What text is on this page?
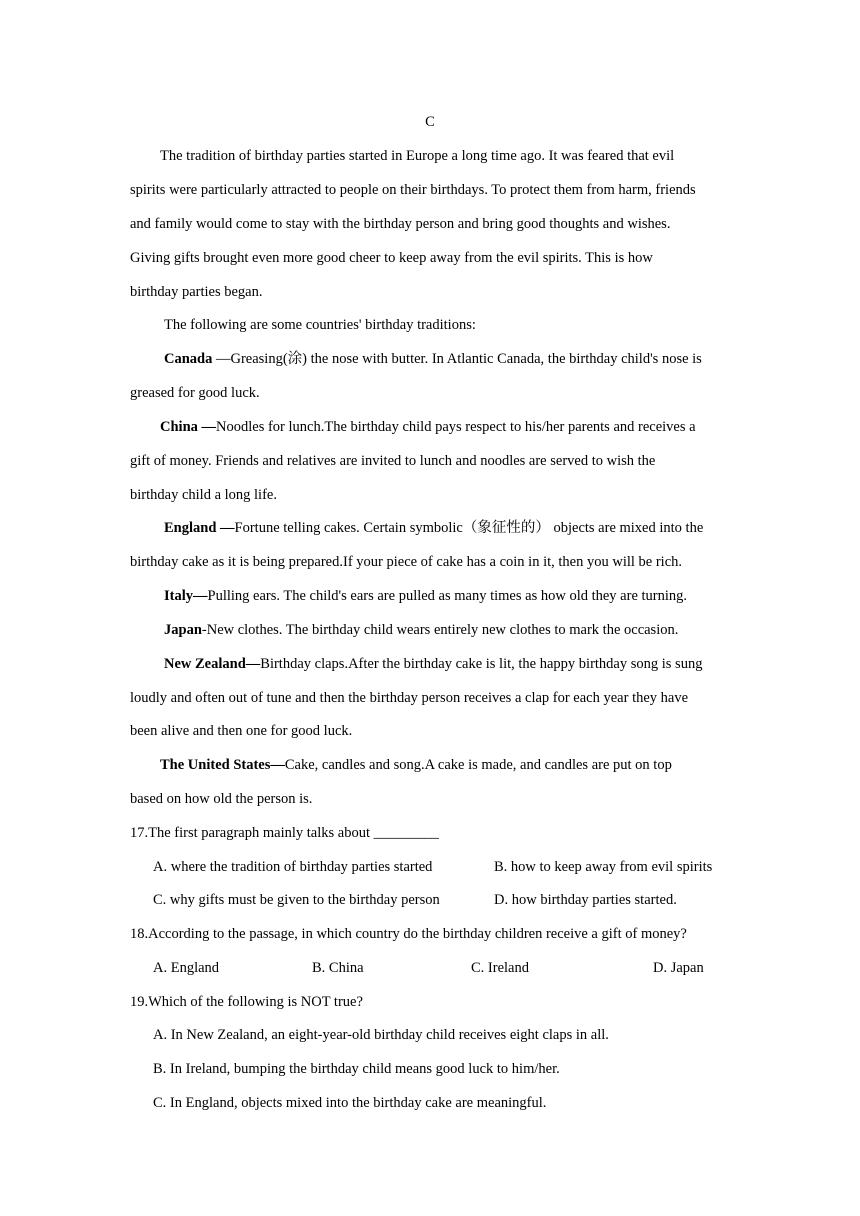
C
The tradition of birthday parties started in Europe a long time ago. It was feared that evil
spirits were particularly attracted to people on their birthdays. To protect them from harm, friends
and family would come to stay with the birthday person and bring good thoughts and wishes.
Giving gifts brought even more good cheer to keep away from the evil spirits. This is how
birthday parties began.
The following are some countries' birthday traditions:
Canada —Greasing(涂) the nose with butter. In Atlantic Canada, the birthday child's nose is
greased for good luck.
China —Noodles for lunch.The birthday child pays respect to his/her parents and receives a
gift of money. Friends and relatives are invited to lunch and noodles are served to wish the
birthday child a long life.
England —Fortune telling cakes. Certain symbolic（象征性的） objects are mixed into the
birthday cake as it is being prepared.If your piece of cake has a coin in it, then you will be rich.
Italy—Pulling ears. The child's ears are pulled as many times as how old they are turning.
Japan-New clothes. The birthday child wears entirely new clothes to mark the occasion.
New Zealand—Birthday claps.After the birthday cake is lit, the happy birthday song is sung
loudly and often out of tune and then the birthday person receives a clap for each year they have
been alive and then one for good luck.
The United States—Cake, candles and song.A cake is made, and candles are put on top
based on how old the person is.
17.The first paragraph mainly talks about _________
A. where the tradition of birthday parties started	B. how to keep away from evil spirits
C. why gifts must be given to the birthday person	D. how birthday parties started.
18.According to the passage, in which country do the birthday children receive a gift of money?
A. England	B. China	C. Ireland	D. Japan
19.Which of the following is NOT true?
A. In New Zealand, an eight-year-old birthday child receives eight claps in all.
B. In Ireland, bumping the birthday child means good luck to him/her.
C. In England, objects mixed into the birthday cake are meaningful.
